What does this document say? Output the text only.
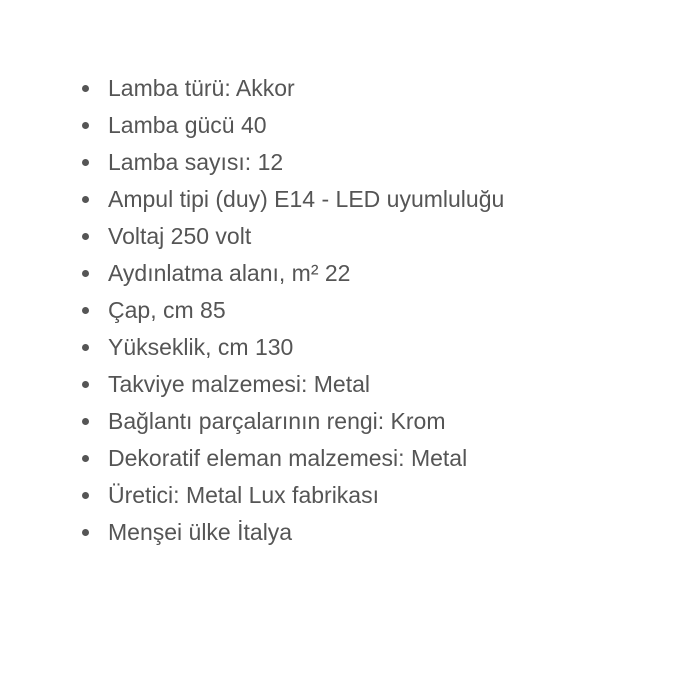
Lamba türü: Akkor
Lamba gücü 40
Lamba sayısı: 12
Ampul tipi (duy) E14 - LED uyumluluğu
Voltaj 250 volt
Aydınlatma alanı, m² 22
Çap, cm 85
Yükseklik, cm 130
Takviye malzemesi: Metal
Bağlantı parçalarının rengi: Krom
Dekoratif eleman malzemesi: Metal
Üretici: Metal Lux fabrikası
Menşei ülke İtalya
